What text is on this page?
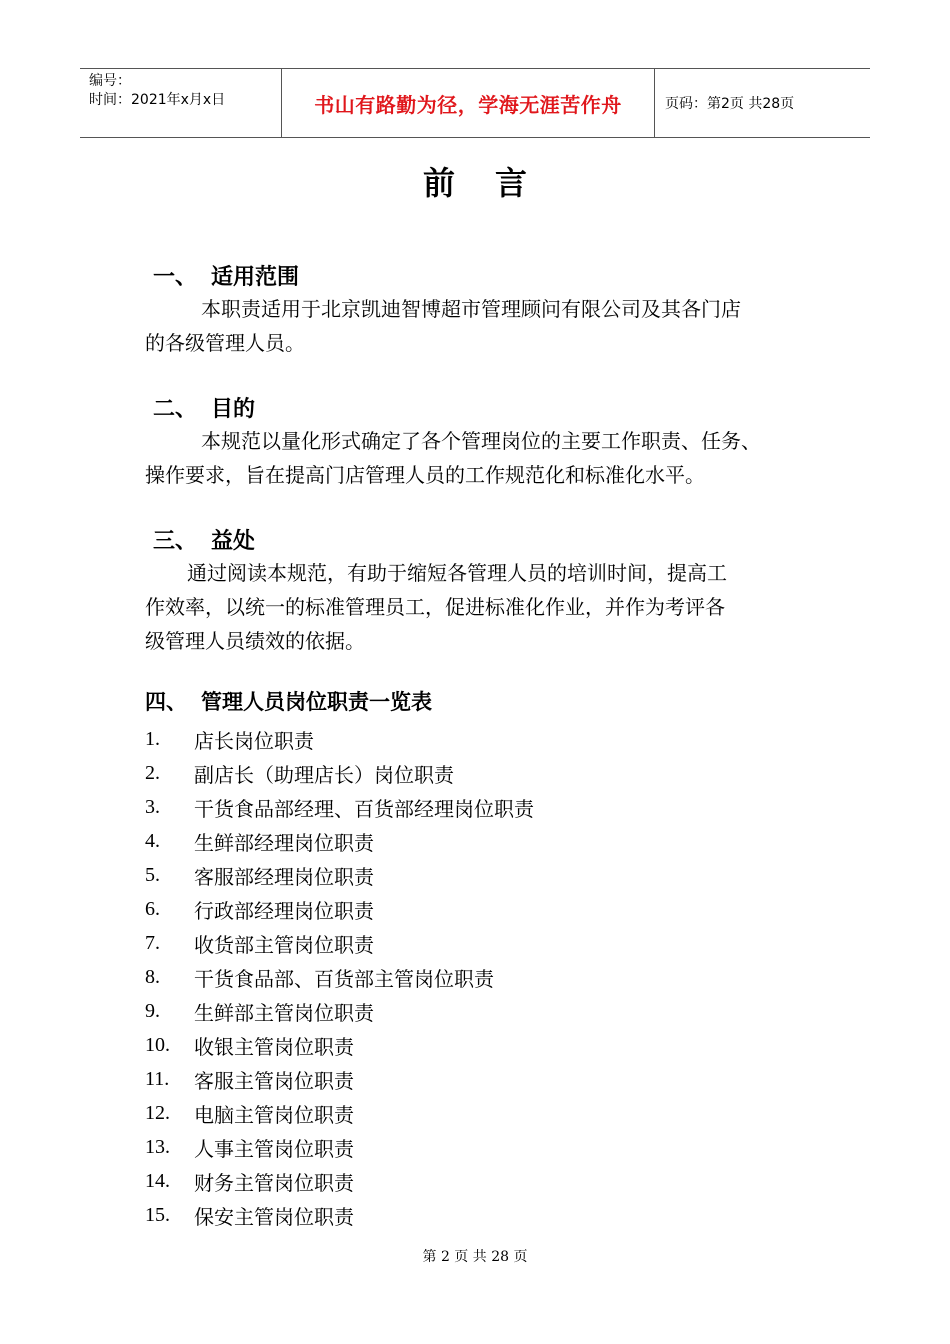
编号：
时间：2021年x月x日	书山有路勤为径，学海无涯苦作舟	页码：第2页 共28页
前言
一、 适用范围
本职责适用于北京凯迪智博超市管理顾问有限公司及其各门店
的各级管理人员。
二、 目的
本规范以量化形式确定了各个管理岗位的主要工作职责、任务、
操作要求，旨在提高门店管理人员的工作规范化和标准化水平。
三、 益处
通过阅读本规范，有助于缩短各管理人员的培训时间，提高工
作效率，以统一的标准管理员工，促进标准化作业，并作为考评各
级管理人员绩效的依据。
四、 管理人员岗位职责一览表
1.	店长岗位职责
2.	副店长（助理店长）岗位职责
3.	干货食品部经理、百货部经理岗位职责
4.	生鲜部经理岗位职责
5.	客服部经理岗位职责
6.	行政部经理岗位职责
7.	收货部主管岗位职责
8.	干货食品部、百货部主管岗位职责
9.	生鲜部主管岗位职责
10.	收银主管岗位职责
11.	客服主管岗位职责
12.	电脑主管岗位职责
13.	人事主管岗位职责
14.	财务主管岗位职责
15.	保安主管岗位职责
第 2 页 共 28 页
